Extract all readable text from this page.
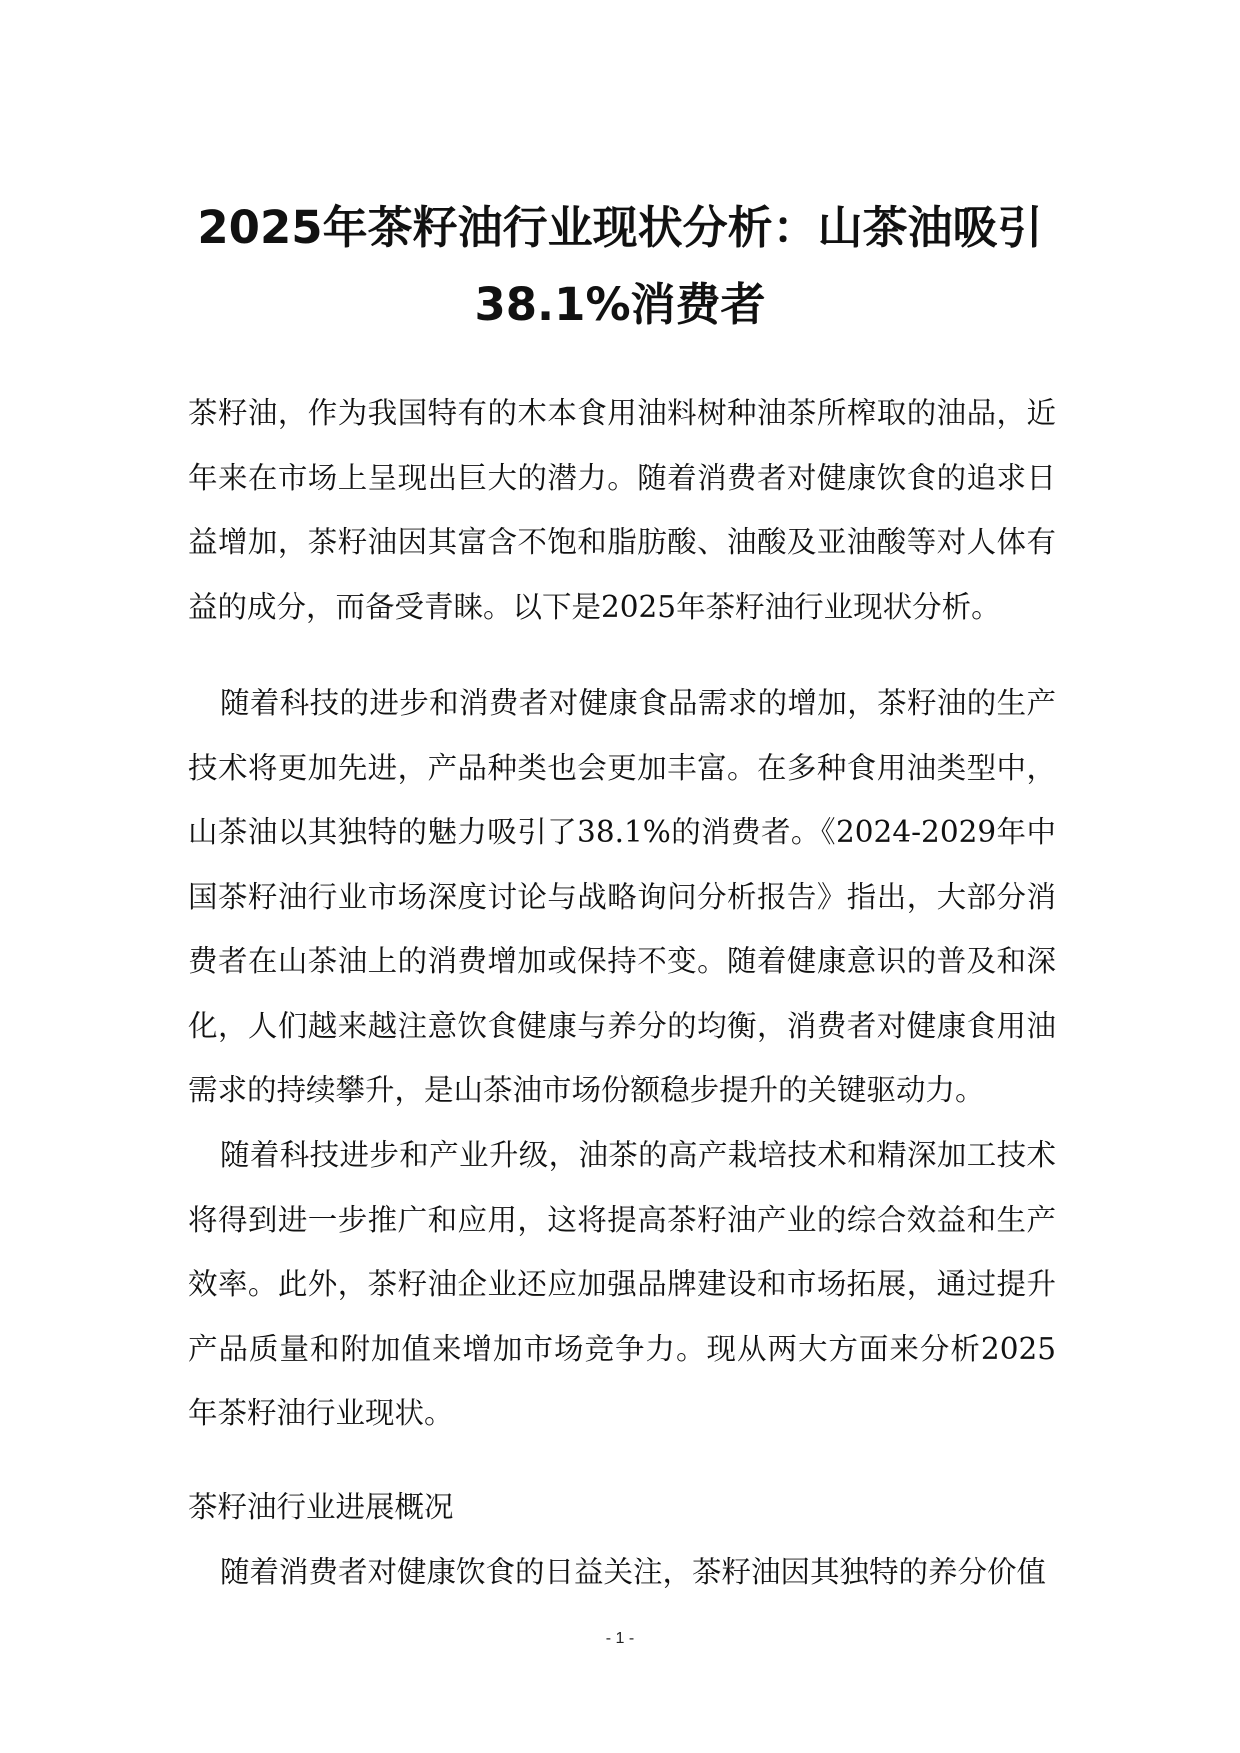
2025年茶籽油行业现状分析：山茶油吸引
38.1%消费者
茶籽油，作为我国特有的木本食用油料树种油茶所榨取的油品，近年来在市场上呈现出巨大的潜力。随着消费者对健康饮食的追求日益增加，茶籽油因其富含不饱和脂肪酸、油酸及亚油酸等对人体有益的成分，而备受青睐。以下是2025年茶籽油行业现状分析。
随着科技的进步和消费者对健康食品需求的增加，茶籽油的生产技术将更加先进，产品种类也会更加丰富。在多种食用油类型中，山茶油以其独特的魅力吸引了38.1%的消费者。《2024-2029年中国茶籽油行业市场深度讨论与战略询问分析报告》指出，大部分消费者在山茶油上的消费增加或保持不变。随着健康意识的普及和深化，人们越来越注意饮食健康与养分的均衡，消费者对健康食用油需求的持续攀升，是山茶油市场份额稳步提升的关键驱动力。
随着科技进步和产业升级，油茶的高产栽培技术和精深加工技术将得到进一步推广和应用，这将提高茶籽油产业的综合效益和生产效率。此外，茶籽油企业还应加强品牌建设和市场拓展，通过提升产品质量和附加值来增加市场竞争力。现从两大方面来分析2025年茶籽油行业现状。
茶籽油行业进展概况
随着消费者对健康饮食的日益关注，茶籽油因其独特的养分价值
- 1 -
